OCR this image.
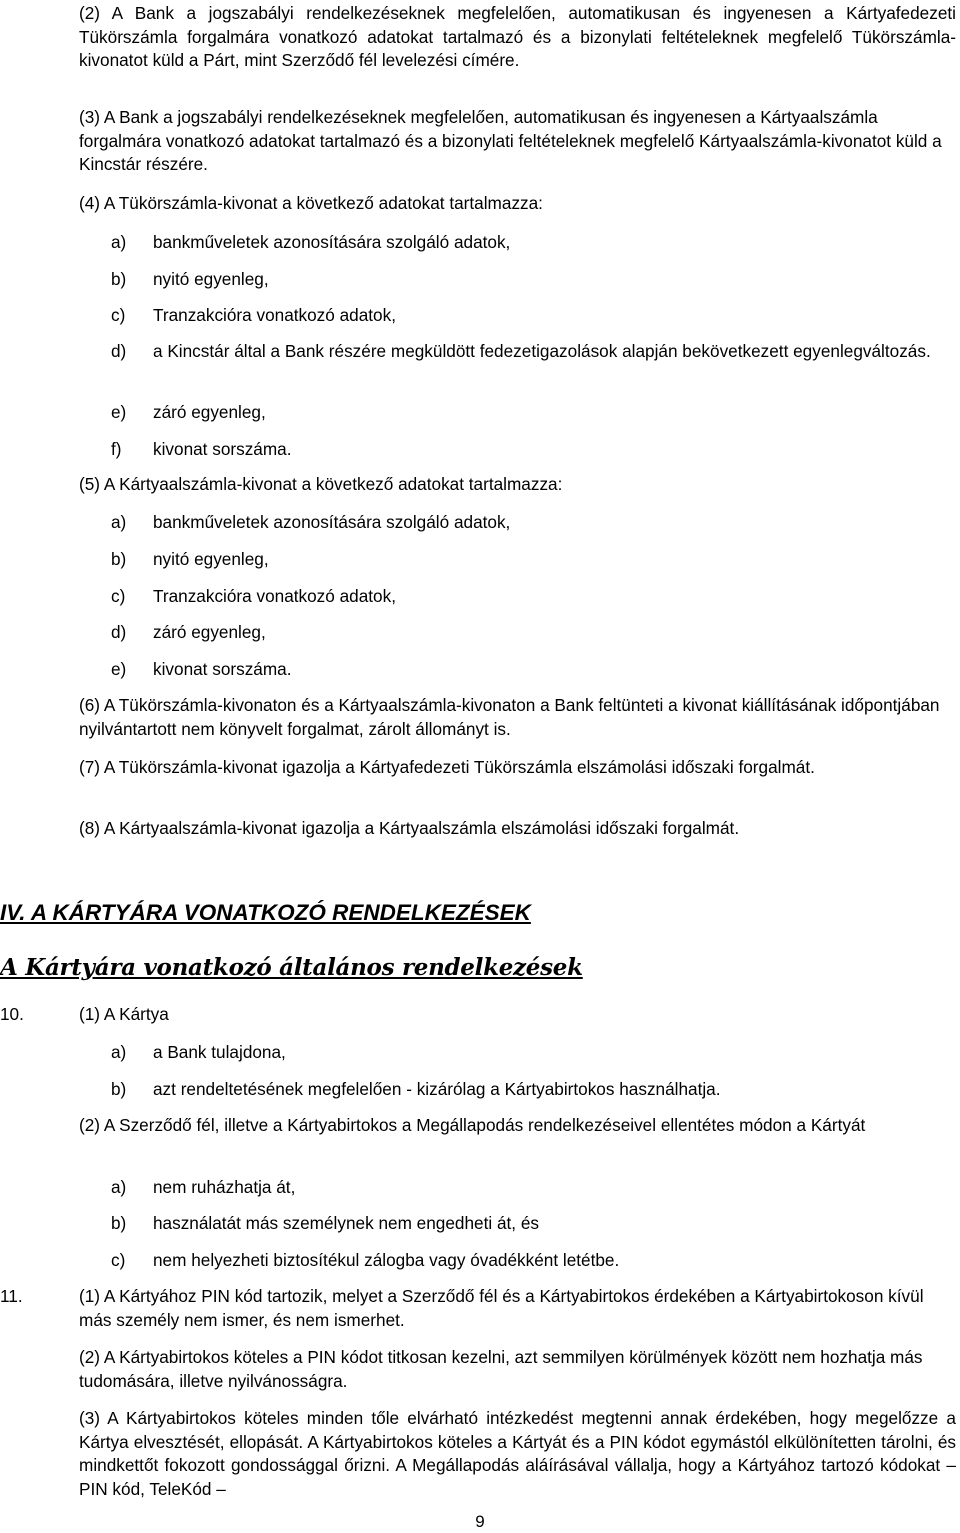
(2) A Bank a jogszabályi rendelkezéseknek megfelelően, automatikusan és ingyenesen a Kártyafedezeti Tükörszámla forgalmára vonatkozó adatokat tartalmazó és a bizonylati feltételeknek megfelelő Tükörszámla-kivonatot küld a Párt, mint Szerződő fél levelezési címére.

(3) A Bank a jogszabályi rendelkezéseknek megfelelően, automatikusan és ingyenesen a Kártyaalszámla forgalmára vonatkozó adatokat tartalmazó és a bizonylati feltételeknek megfelelő Kártyaalszámla-kivonatot küld a Kincstár részére.

(4) A Tükörszámla-kivonat a következő adatokat tartalmazza:

a) bankműveletek azonosítására szolgáló adatok,
b) nyitó egyenleg,
c) Tranzakcióra vonatkozó adatok,
d) a Kincstár által a Bank részére megküldött fedezetigazolások alapján bekövetkezett egyenlegváltozás.
e) záró egyenleg,
f) kivonat sorszáma.

(5) A Kártyaalszámla-kivonat a következő adatokat tartalmazza:

a) bankműveletek azonosítására szolgáló adatok,
b) nyitó egyenleg,
c) Tranzakcióra vonatkozó adatok,
d) záró egyenleg,
e) kivonat sorszáma.

(6) A Tükörszámla-kivonaton és a Kártyaalszámla-kivonaton a Bank feltünteti a kivonat kiállításának időpontjában nyilvántartott nem könyvelt forgalmat, zárolt állományt is.

(7) A Tükörszámla-kivonat igazolja a Kártyafedezeti Tükörszámla elszámolási időszaki forgalmát.

(8) A Kártyaalszámla-kivonat igazolja a Kártyaalszámla elszámolási időszaki forgalmát.

IV. A KÁRTYÁRA VONATKOZÓ RENDELKEZÉSEK
A Kártyára vonatkozó általános rendelkezések
10.	(1) A Kártya

a) a Bank tulajdona,
b) azt rendeltetésének megfelelően - kizárólag a Kártyabirtokos használhatja.

(2) A Szerződő fél, illetve a Kártyabirtokos a Megállapodás rendelkezéseivel ellentétes módon a Kártyát

a) nem ruházhatja át,
b) használatát más személynek nem engedheti át, és
c) nem helyezheti biztosítékul zálogba vagy óvadékként letétbe.
11.	(1) A Kártyához PIN kód tartozik, melyet a Szerződő fél és a Kártyabirtokos érdekében a Kártyabirtokoson kívül más személy nem ismer, és nem ismerhet.

(2) A Kártyabirtokos köteles a PIN kódot titkosan kezelni, azt semmilyen körülmények között nem hozhatja más tudomására, illetve nyilvánosságra.

(3) A Kártyabirtokos köteles minden tőle elvárható intézkedést megtenni annak érdekében, hogy megelőzze a Kártya elvesztését, ellopását. A Kártyabirtokos köteles a Kártyát és a PIN kódot egymástól elkülönítetten tárolni, és mindkettőt fokozott gondossággal őrizni. A Megállapodás aláírásával vállalja, hogy a Kártyához tartozó kódokat – PIN kód, TeleKód –

9
